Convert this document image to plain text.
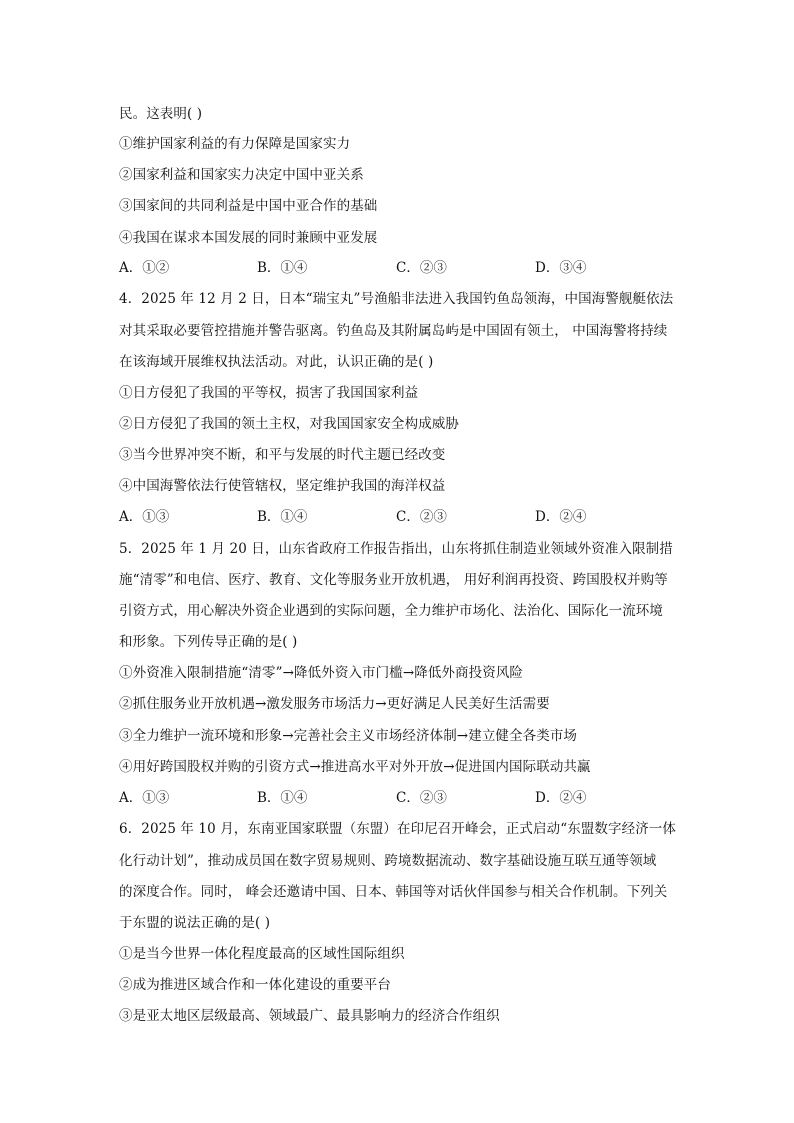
民。这表明( )
①维护国家利益的有力保障是国家实力
②国家利益和国家实力决定中国中亚关系
③国家间的共同利益是中国中亚合作的基础
④我国在谋求本国发展的同时兼顾中亚发展
A．①②	B．①④	C．②③	D．③④
4．2025 年 12 月 2 日，日本“瑞宝丸”号渔船非法进入我国钓鱼岛领海，中国海警舰艇依法
对其采取必要管控措施并警告驱离。钓鱼岛及其附属岛屿是中国固有领土， 中国海警将持续
在该海域开展维权执法活动。对此，认识正确的是( )
①日方侵犯了我国的平等权，损害了我国国家利益
②日方侵犯了我国的领土主权，对我国国家安全构成威胁
③当今世界冲突不断，和平与发展的时代主题已经改变
④中国海警依法行使管辖权，坚定维护我国的海洋权益
A．①③	B．①④	C．②③	D．②④
5．2025 年 1 月 20 日，山东省政府工作报告指出，山东将抓住制造业领域外资准入限制措
施“清零”和电信、医疗、教育、文化等服务业开放机遇， 用好利润再投资、跨国股权并购等
引资方式，用心解决外资企业遇到的实际问题，全力维护市场化、法治化、国际化一流环境
和形象。下列传导正确的是( )
①外资准入限制措施“清零”→降低外资入市门槛→降低外商投资风险
②抓住服务业开放机遇→激发服务市场活力→更好满足人民美好生活需要
③全力维护一流环境和形象→完善社会主义市场经济体制→建立健全各类市场
④用好跨国股权并购的引资方式→推进高水平对外开放→促进国内国际联动共赢
A．①③	B．①④	C．②③	D．②④
6．2025 年 10 月，东南亚国家联盟（东盟）在印尼召开峰会，正式启动“东盟数字经济一体
化行动计划”，推动成员国在数字贸易规则、跨境数据流动、数字基础设施互联互通等领域
的深度合作。同时， 峰会还邀请中国、日本、韩国等对话伙伴国参与相关合作机制。下列关
于东盟的说法正确的是( )
①是当今世界一体化程度最高的区域性国际组织
②成为推进区域合作和一体化建设的重要平台
③是亚太地区层级最高、领域最广、最具影响力的经济合作组织
